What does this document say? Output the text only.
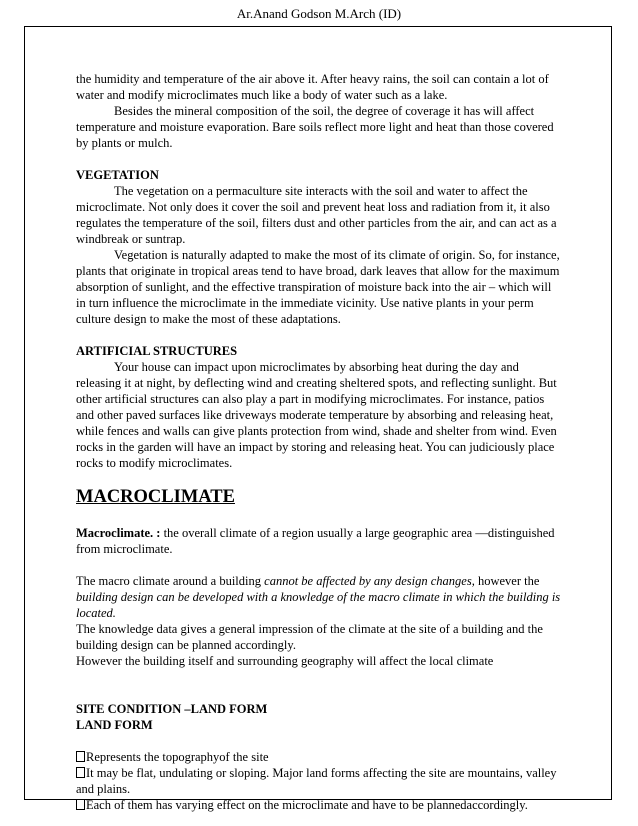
Ar.Anand Godson M.Arch (ID)

the humidity and temperature of the air above it. After heavy rains, the soil can contain a lot of water and modify microclimates much like a body of water such as a lake.

Besides the mineral composition of the soil, the degree of coverage it has will affect temperature and moisture evaporation. Bare soils reflect more light and heat than those covered by plants or mulch.

VEGETATION

The vegetation on a permaculture site interacts with the soil and water to affect the microclimate. Not only does it cover the soil and prevent heat loss and radiation from it, it also regulates the temperature of the soil, filters dust and other particles from the air, and can act as a windbreak or suntrap.

Vegetation is naturally adapted to make the most of its climate of origin. So, for instance, plants that originate in tropical areas tend to have broad, dark leaves that allow for the maximum absorption of sunlight, and the effective transpiration of moisture back into the air – which will in turn influence the microclimate in the immediate vicinity. Use native plants in your perm culture design to make the most of these adaptations.

ARTIFICIAL STRUCTURES

Your house can impact upon microclimates by absorbing heat during the day and releasing it at night, by deflecting wind and creating sheltered spots, and reflecting sunlight. But other artificial structures can also play a part in modifying microclimates. For instance, patios and other paved surfaces like driveways moderate temperature by absorbing and releasing heat, while fences and walls can give plants protection from wind, shade and shelter from wind. Even rocks in the garden will have an impact by storing and releasing heat. You can judiciously place rocks to modify microclimates.

MACROCLIMATE

Macroclimate. : the overall climate of a region usually a large geographic area —distinguished from microclimate.

The macro climate around a building cannot be affected by any design changes, however the building design can be developed with a knowledge of the macro climate in which the building is located.

The knowledge data gives a general impression of the climate at the site of a building and the building design can be planned accordingly.

However the building itself and surrounding geography will affect the local climate

SITE CONDITION –LAND FORM

LAND FORM

Represents the topographyof the site

It may be flat, undulating or sloping. Major land forms affecting the site are mountains, valley and plains.

Each of them has varying effect on the microclimate and have to be plannedaccordingly.
